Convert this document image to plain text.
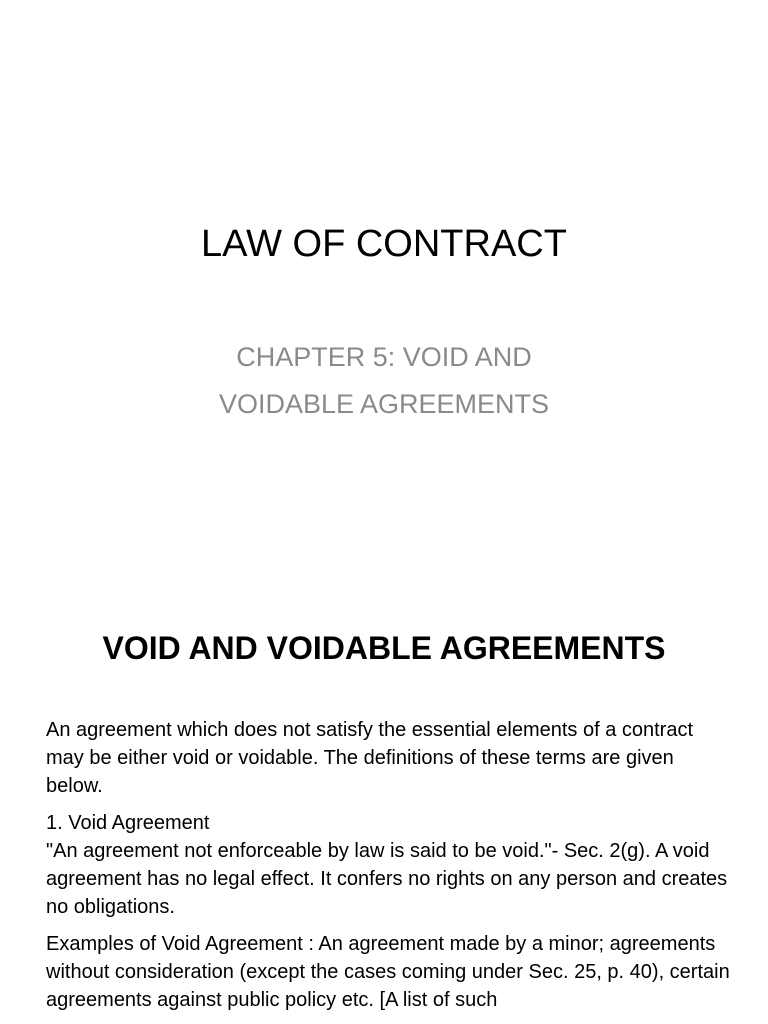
LAW OF CONTRACT
CHAPTER 5: VOID AND
VOIDABLE AGREEMENTS
VOID AND VOIDABLE AGREEMENTS

An agreement which does not satisfy the essential elements of a contract may be either void or voidable. The definitions of these terms are given below.

1. Void Agreement

"An agreement not enforceable by law is said to be void."- Sec. 2(g). A void agreement has no legal effect. It confers no rights on any person and creates no obligations.

Examples of Void Agreement : An agreement made by a minor; agreements without consideration (except the cases coming under Sec. 25, p. 40), certain agreements against public policy etc. [A list of such
